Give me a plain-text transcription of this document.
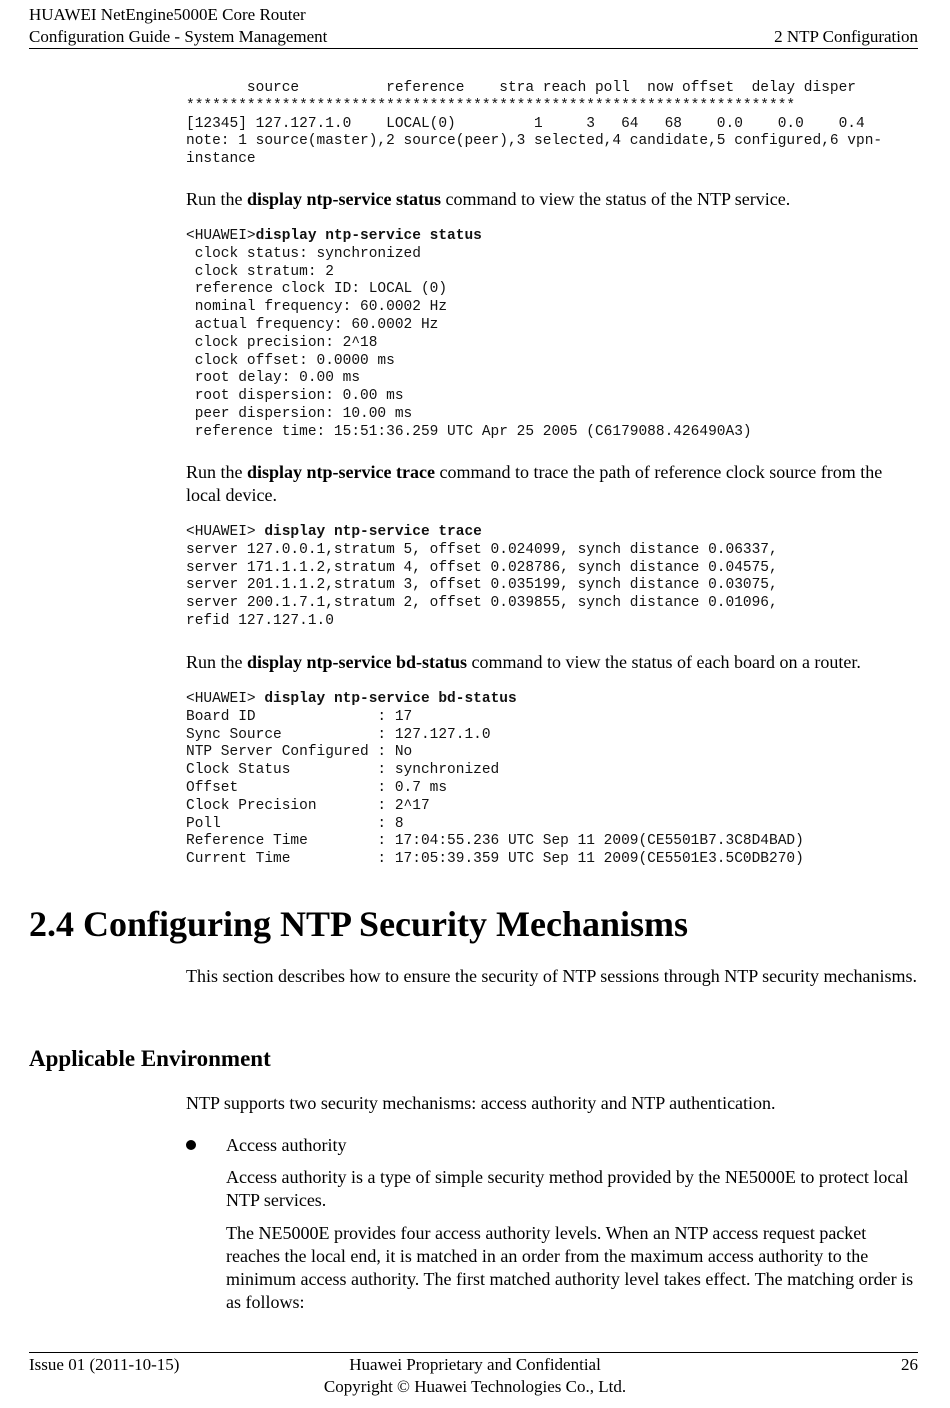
HUAWEI NetEngine5000E Core Router
Configuration Guide - System Management	2 NTP Configuration
source          reference    stra reach poll  now offset  delay disper
**********************************************************************
[12345] 127.127.1.0    LOCAL(0)         1     3   64   68    0.0    0.0    0.4
note: 1 source(master),2 source(peer),3 selected,4 candidate,5 configured,6 vpn-
instance

Run the display ntp-service status command to view the status of the NTP service.

<HUAWEI>display ntp-service status
clock status: synchronized
clock stratum: 2
reference clock ID: LOCAL (0)
nominal frequency: 60.0002 Hz
actual frequency: 60.0002 Hz
clock precision: 2^18
clock offset: 0.0000 ms
root delay: 0.00 ms
root dispersion: 0.00 ms
peer dispersion: 10.00 ms
reference time: 15:51:36.259 UTC Apr 25 2005 (C6179088.426490A3)

Run the display ntp-service trace command to trace the path of reference clock source from the local device.

<HUAWEI> display ntp-service trace
server 127.0.0.1,stratum 5, offset 0.024099, synch distance 0.06337,
server 171.1.1.2,stratum 4, offset 0.028786, synch distance 0.04575,
server 201.1.1.2,stratum 3, offset 0.035199, synch distance 0.03075,
server 200.1.7.1,stratum 2, offset 0.039855, synch distance 0.01096,
refid 127.127.1.0

Run the display ntp-service bd-status command to view the status of each board on a router.

<HUAWEI> display ntp-service bd-status
Board ID              : 17
Sync Source           : 127.127.1.0
NTP Server Configured : No
Clock Status          : synchronized
Offset                : 0.7 ms
Clock Precision       : 2^17
Poll                  : 8
Reference Time        : 17:04:55.236 UTC Sep 11 2009(CE5501B7.3C8D4BAD)
Current Time          : 17:05:39.359 UTC Sep 11 2009(CE5501E3.5C0DB270)
2.4 Configuring NTP Security Mechanisms

This section describes how to ensure the security of NTP sessions through NTP security mechanisms.

Applicable Environment

NTP supports two security mechanisms: access authority and NTP authentication.

Access authority

Access authority is a type of simple security method provided by the NE5000E to protect local NTP services.

The NE5000E provides four access authority levels. When an NTP access request packet reaches the local end, it is matched in an order from the maximum access authority to the minimum access authority. The first matched authority level takes effect. The matching order is as follows:

Issue 01 (2011-10-15)	Huawei Proprietary and Confidential
Copyright © Huawei Technologies Co., Ltd.
26
